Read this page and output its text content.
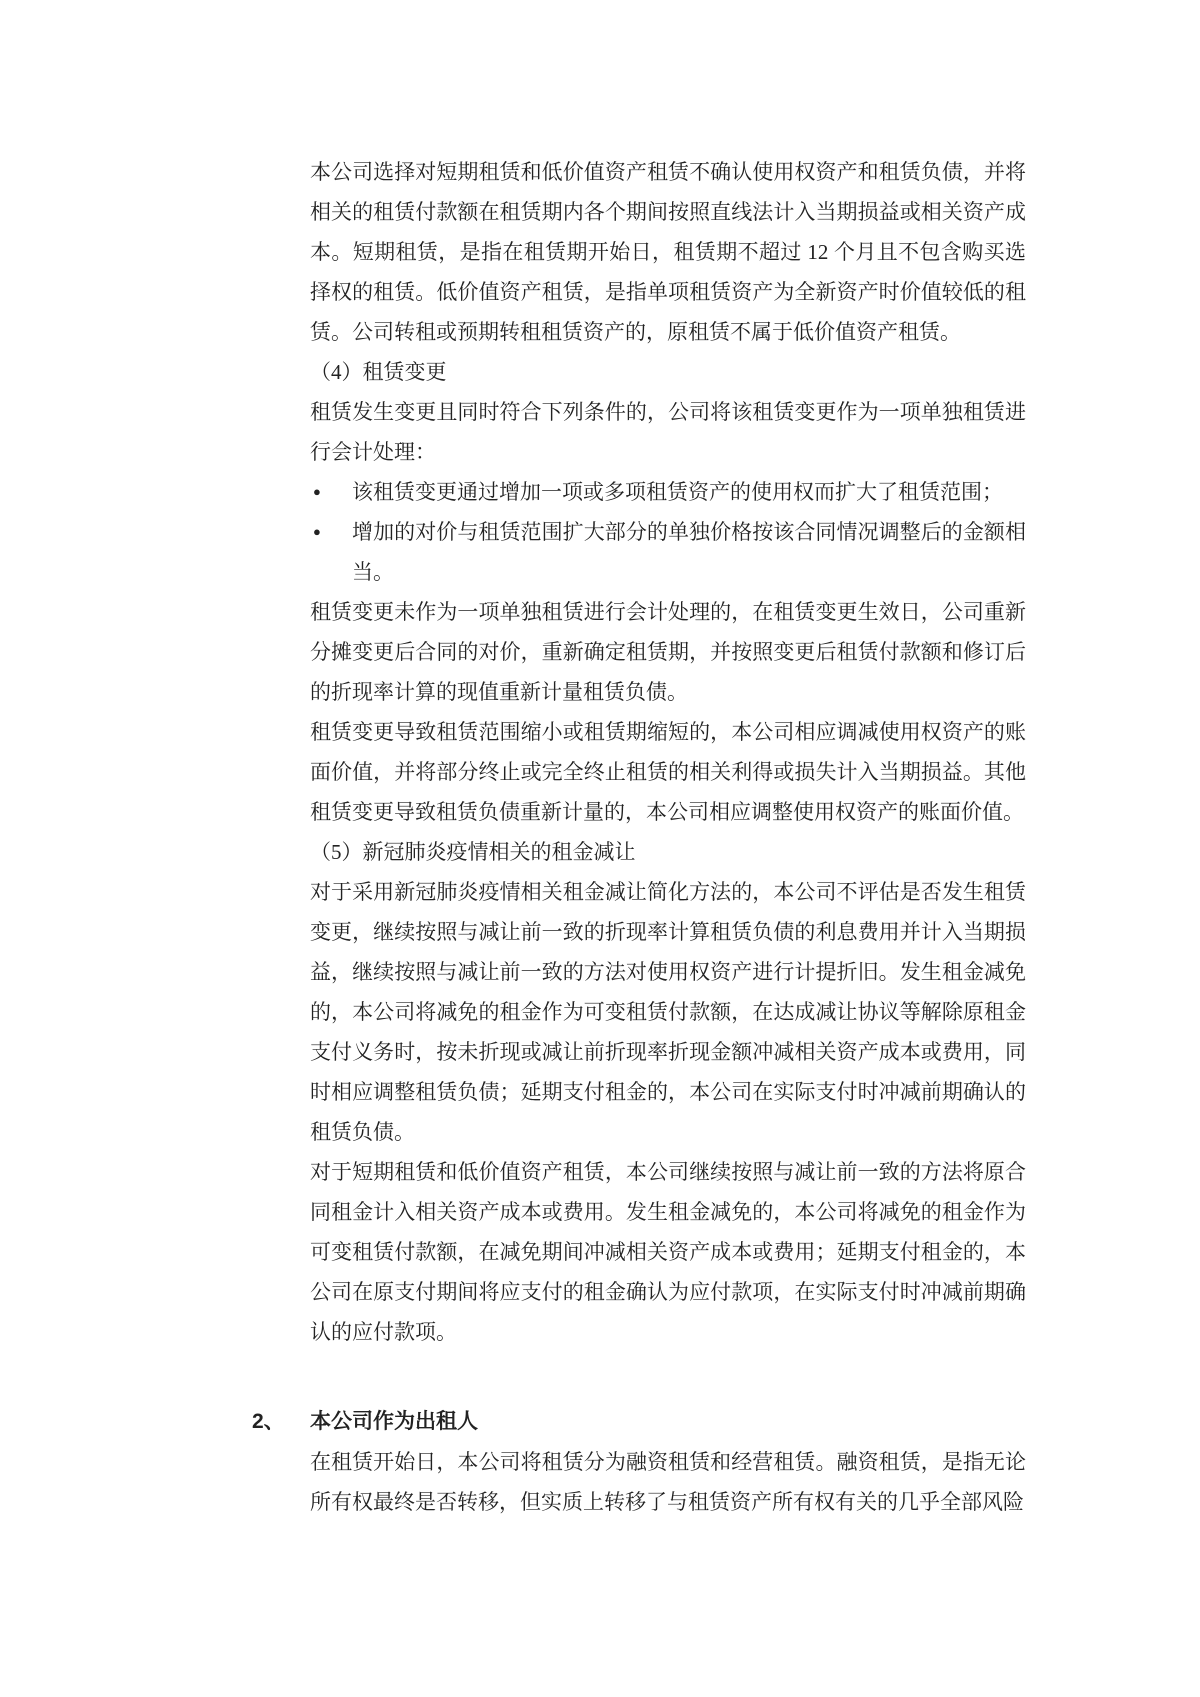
本公司选择对短期租赁和低价值资产租赁不确认使用权资产和租赁负债，并将相关的租赁付款额在租赁期内各个期间按照直线法计入当期损益或相关资产成本。短期租赁，是指在租赁期开始日，租赁期不超过 12 个月且不包含购买选择权的租赁。低价值资产租赁，是指单项租赁资产为全新资产时价值较低的租赁。公司转租或预期转租租赁资产的，原租赁不属于低价值资产租赁。

（4）租赁变更

租赁发生变更且同时符合下列条件的，公司将该租赁变更作为一项单独租赁进行会计处理：

● 该租赁变更通过增加一项或多项租赁资产的使用权而扩大了租赁范围；
● 增加的对价与租赁范围扩大部分的单独价格按该合同情况调整后的金额相当。

租赁变更未作为一项单独租赁进行会计处理的，在租赁变更生效日，公司重新分摊变更后合同的对价，重新确定租赁期，并按照变更后租赁付款额和修订后的折现率计算的现值重新计量租赁负债。

租赁变更导致租赁范围缩小或租赁期缩短的，本公司相应调减使用权资产的账面价值，并将部分终止或完全终止租赁的相关利得或损失计入当期损益。其他租赁变更导致租赁负债重新计量的，本公司相应调整使用权资产的账面价值。

（5）新冠肺炎疫情相关的租金减让

对于采用新冠肺炎疫情相关租金减让简化方法的，本公司不评估是否发生租赁变更，继续按照与减让前一致的折现率计算租赁负债的利息费用并计入当期损益，继续按照与减让前一致的方法对使用权资产进行计提折旧。发生租金减免的，本公司将减免的租金作为可变租赁付款额，在达成减让协议等解除原租金支付义务时，按未折现或减让前折现率折现金额冲减相关资产成本或费用，同时相应调整租赁负债；延期支付租金的，本公司在实际支付时冲减前期确认的租赁负债。

对于短期租赁和低价值资产租赁，本公司继续按照与减让前一致的方法将原合同租金计入相关资产成本或费用。发生租金减免的，本公司将减免的租金作为可变租赁付款额，在减免期间冲减相关资产成本或费用；延期支付租金的，本公司在原支付期间将应支付的租金确认为应付款项，在实际支付时冲减前期确认的应付款项。

2、 本公司作为出租人

在租赁开始日，本公司将租赁分为融资租赁和经营租赁。融资租赁，是指无论所有权最终是否转移，但实质上转移了与租赁资产所有权有关的几乎全部风险
